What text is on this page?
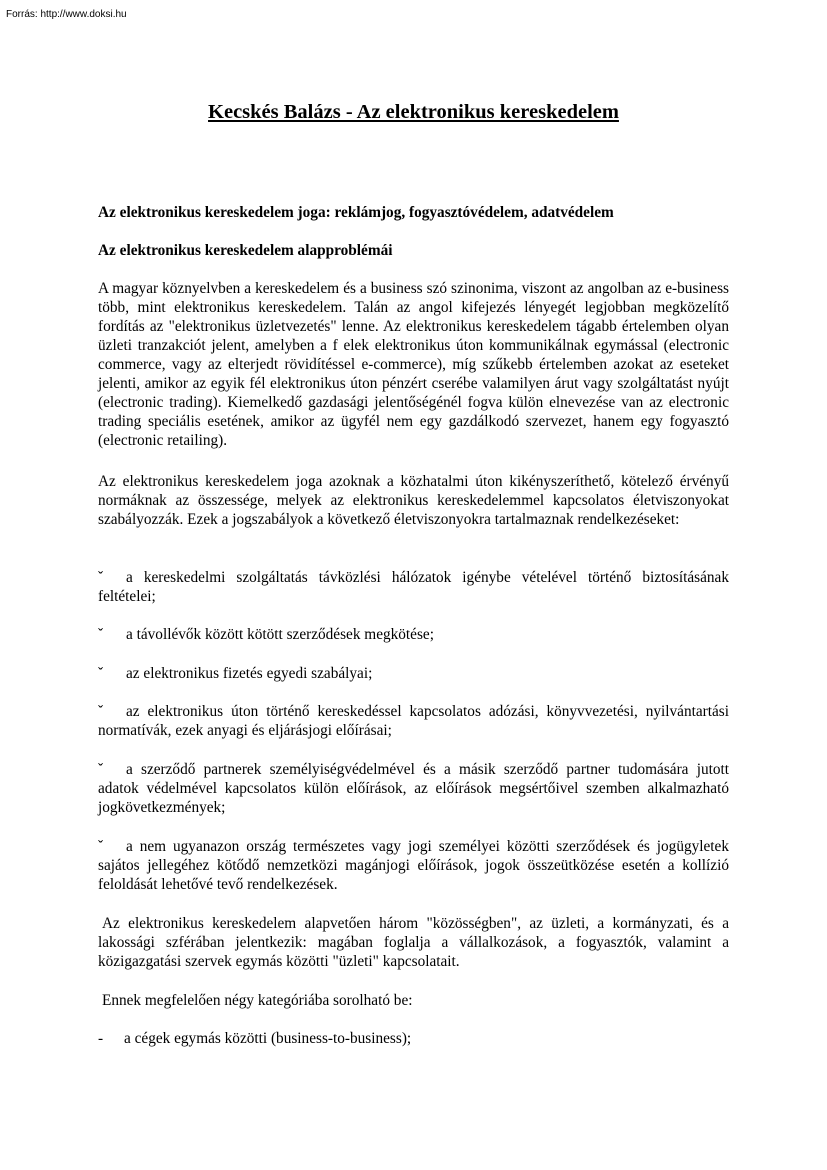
Forrás: http://www.doksi.hu
Kecskés Balázs - Az elektronikus kereskedelem

Az elektronikus kereskedelem joga: reklámjog, fogyasztóvédelem, adatvédelem

Az elektronikus kereskedelem alapproblémái

A magyar köznyelvben a kereskedelem és a business szó szinonima, viszont az angolban az e-business több, mint elektronikus kereskedelem. Talán az angol kifejezés lényegét legjobban megközelítő fordítás az "elektronikus üzletvezetés" lenne. Az elektronikus kereskedelem tágabb értelemben olyan üzleti tranzakciót jelent, amelyben a f elek elektronikus úton kommunikálnak egymással (electronic commerce, vagy az elterjedt rövidítéssel e-commerce), míg szűkebb értelemben azokat az eseteket jelenti, amikor az egyik fél elektronikus úton pénzért cserébe valamilyen árut vagy szolgáltatást nyújt (electronic trading). Kiemelkedő gazdasági jelentőségénél fogva külön elnevezése van az electronic trading speciális esetének, amikor az ügyfél nem egy gazdálkodó szervezet, hanem egy fogyasztó (electronic retailing).

Az elektronikus kereskedelem joga azoknak a közhatalmi úton kikényszeríthető, kötelező érvényű normáknak az összessége, melyek az elektronikus kereskedelemmel kapcsolatos életviszonyokat szabályozzák. Ezek a jogszabályok a következő életviszonyokra tartalmaznak rendelkezéseket:

ˇ a kereskedelmi szolgáltatás távközlési hálózatok igénybe vételével történő biztosításának feltételei;

ˇ a távollévők között kötött szerződések megkötése;

ˇ az elektronikus fizetés egyedi szabályai;

ˇ az elektronikus úton történő kereskedéssel kapcsolatos adózási, könyvvezetési, nyilvántartási normatívák, ezek anyagi és eljárásjogi előírásai;

ˇ a szerződő partnerek személyiségvédelmével és a másik szerződő partner tudomására jutott adatok védelmével kapcsolatos külön előírások, az előírások megsértőivel szemben alkalmazható jogkövetkezmények;

ˇ a nem ugyanazon ország természetes vagy jogi személyei közötti szerződések és jogügyletek sajátos jellegéhez kötődő nemzetközi magánjogi előírások, jogok összeütközése esetén a kollízió feloldását lehetővé tevő rendelkezések.

Az elektronikus kereskedelem alapvetően három "közösségben", az üzleti, a kormányzati, és a lakossági szférában jelentkezik: magában foglalja a vállalkozások, a fogyasztók, valamint a közigazgatási szervek egymás közötti "üzleti" kapcsolatait.

Ennek megfelelően négy kategóriába sorolható be:

- a cégek egymás közötti (business-to-business);
